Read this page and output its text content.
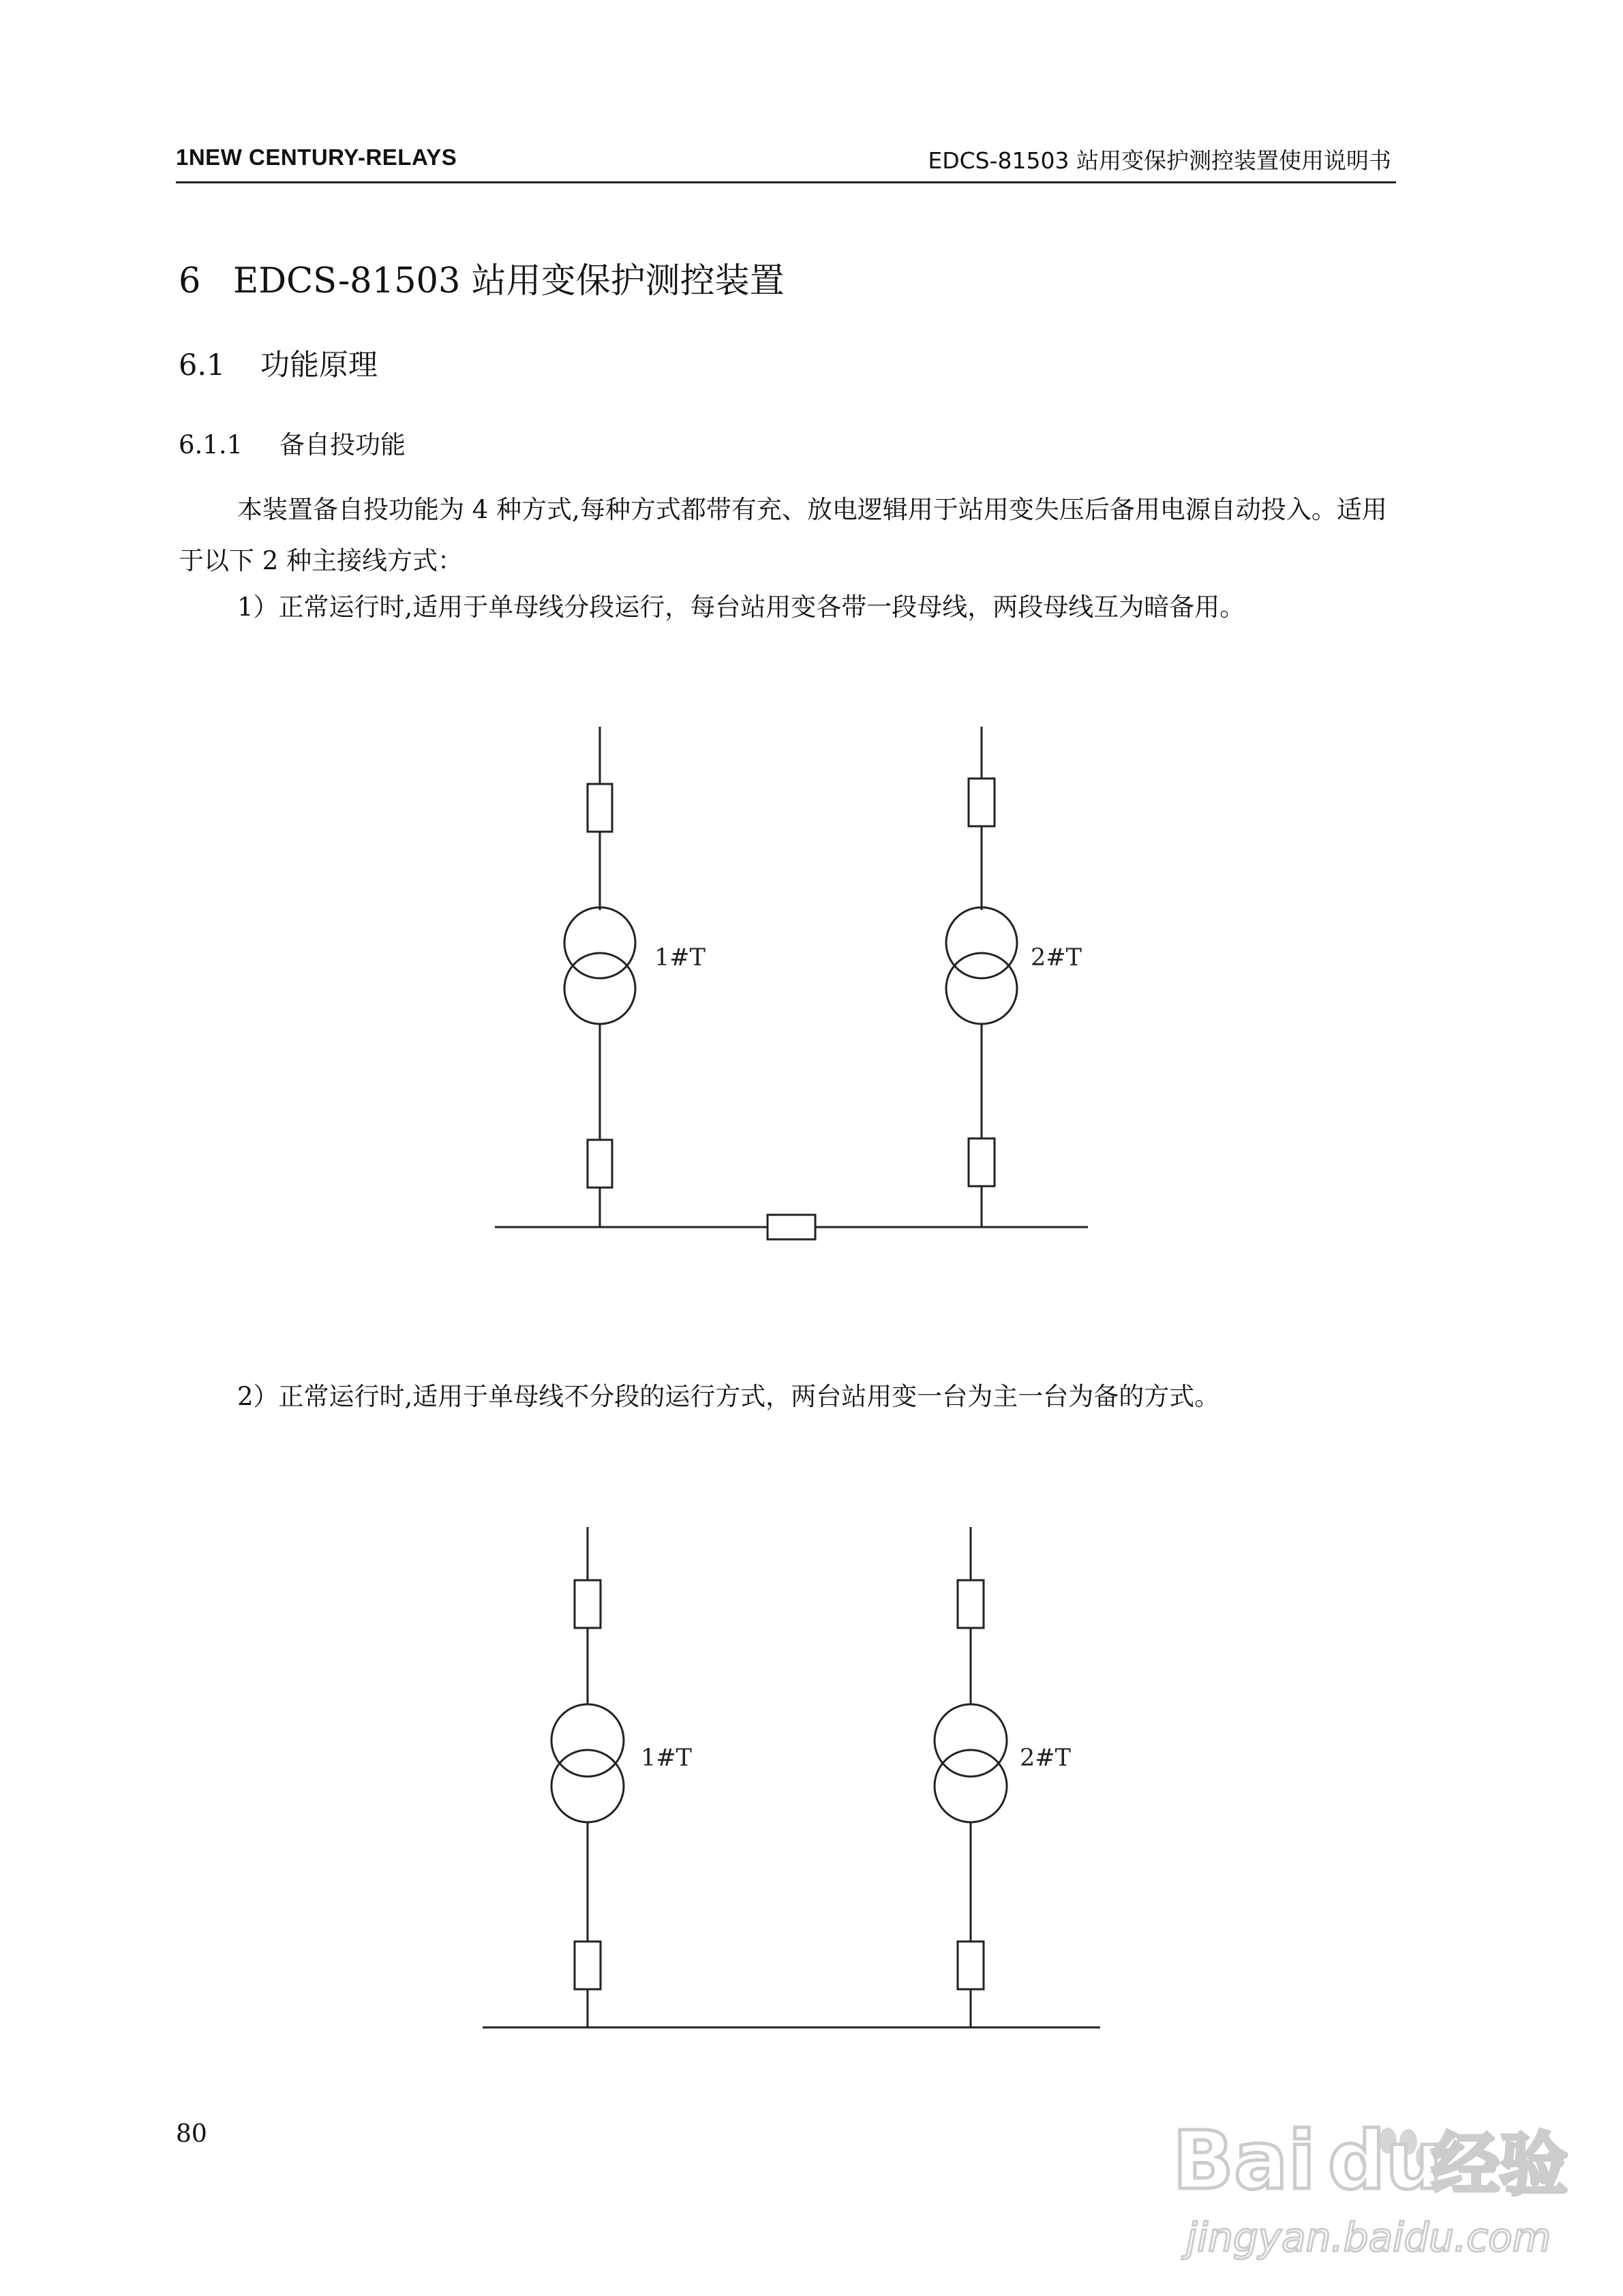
1NEW CENTURY-RELAYS	EDCS-81503 站用变保护测控装置使用说明书
6 EDCS-81503 站用变保护测控装置
6.1 功能原理
6.1.1 备自投功能
本装置备自投功能为 4 种方式,每种方式都带有充、放电逻辑用于站用变失压后备用电源自动投入。适用于以下 2 种主接线方式：
1）正常运行时,适用于单母线分段运行，每台站用变各带一段母线，两段母线互为暗备用。
1#T	2#T
2）正常运行时,适用于单母线不分段的运行方式，两台站用变一台为主一台为备的方式。
1#T	2#T
80	Bai du
经验
jingyan.baidu.com
